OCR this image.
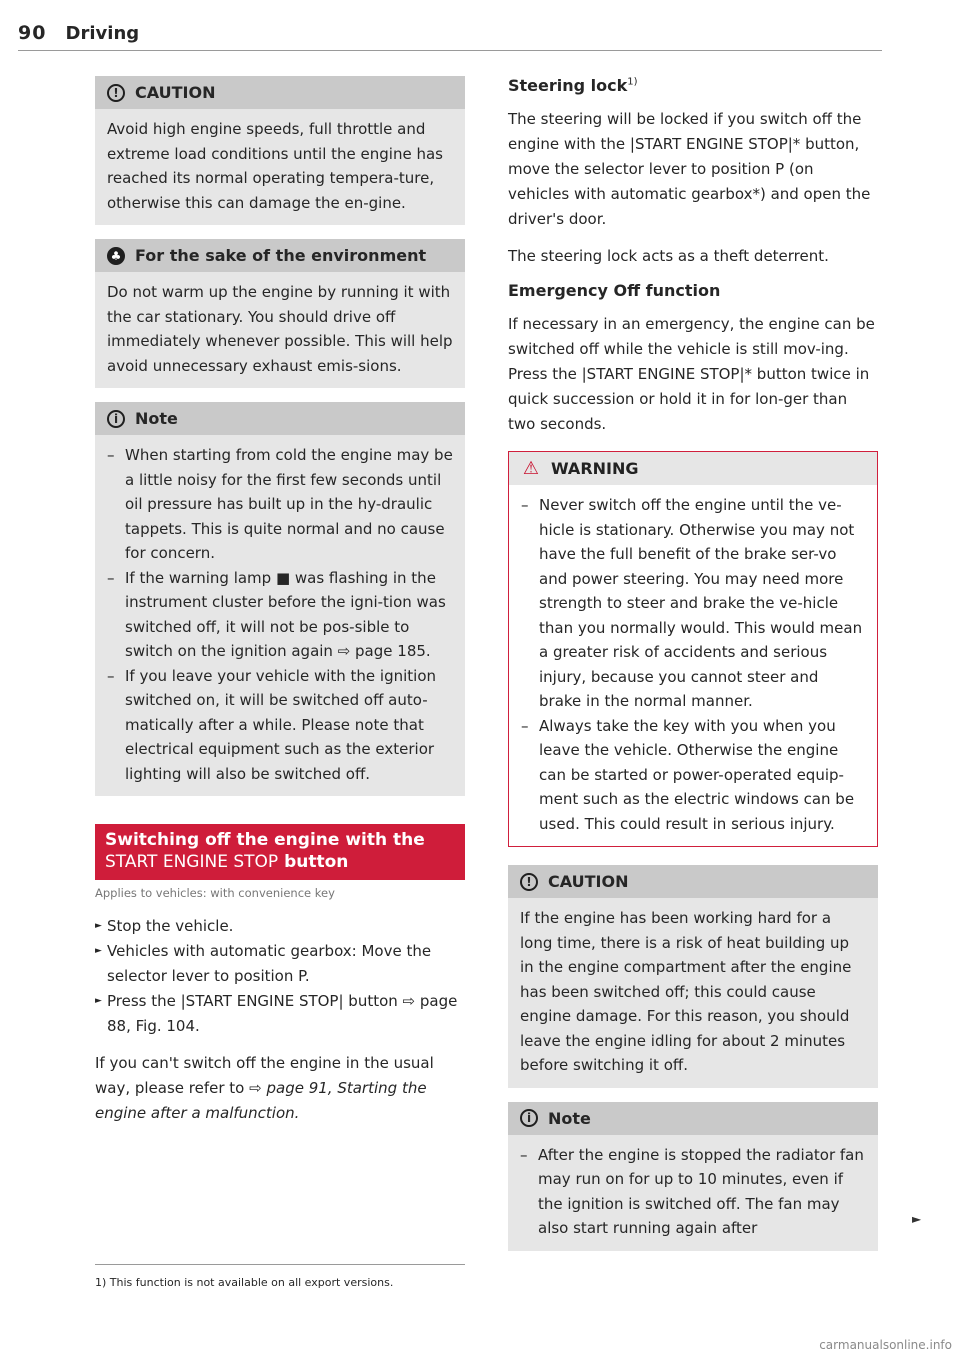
90 Driving
!	CAUTION
Avoid high engine speeds, full throttle and extreme load conditions until the engine has reached its normal operating tempera-ture, otherwise this can damage the en-gine.
♣ For the sake of the environment
Do not warm up the engine by running it with the car stationary. You should drive off immediately whenever possible. This will help avoid unnecessary exhaust emis-sions.
i	Note
– When starting from cold the engine may be a little noisy for the first few seconds until oil pressure has built up in the hy-draulic tappets. This is quite normal and no cause for concern.
– If the warning lamp ■ was flashing in the instrument cluster before the igni-tion was switched off, it will not be pos-sible to switch on the ignition again ⇨ page 185.
– If you leave your vehicle with the ignition switched on, it will be switched off auto-matically after a while. Please note that electrical equipment such as the exterior lighting will also be switched off.
Switching off the engine with the
START ENGINE STOP button
Applies to vehicles: with convenience key
► Stop the vehicle.
► Vehicles with automatic gearbox: Move the selector lever to position P.
► Press the |START ENGINE STOP| button ⇨ page 88, Fig. 104.

If you can't switch off the engine in the usual way, please refer to ⇨ page 91, Starting the engine after a malfunction.

1) This function is not available on all export versions.
Steering lock$^{1)}$

The steering will be locked if you switch off the engine with the |START ENGINE STOP|* button, move the selector lever to position P (on vehicles with automatic gearbox*) and open the driver's door.

The steering lock acts as a theft deterrent.

Emergency Off function

If necessary in an emergency, the engine can be switched off while the vehicle is still mov-ing. Press the |START ENGINE STOP|* button twice in quick succession or hold it in for lon-ger than two seconds.

⚠ WARNING
– Never switch off the engine until the ve-hicle is stationary. Otherwise you may not have the full benefit of the brake ser-vo and power steering. You may need more strength to steer and brake the ve-hicle than you normally would. This would mean a greater risk of accidents and serious injury, because you cannot steer and brake in the normal manner.
– Always take the key with you when you leave the vehicle. Otherwise the engine can be started or power-operated equip-ment such as the electric windows can be used. This could result in serious injury.
!	CAUTION
If the engine has been working hard for a long time, there is a risk of heat building up in the engine compartment after the engine has been switched off; this could cause engine damage. For this reason, you should leave the engine idling for about 2 minutes before switching it off.
i	Note
– After the engine is stopped the radiator fan may run on for up to 10 minutes, even if the ignition is switched off. The fan may also start running again after	►
carmanualsonline.info
